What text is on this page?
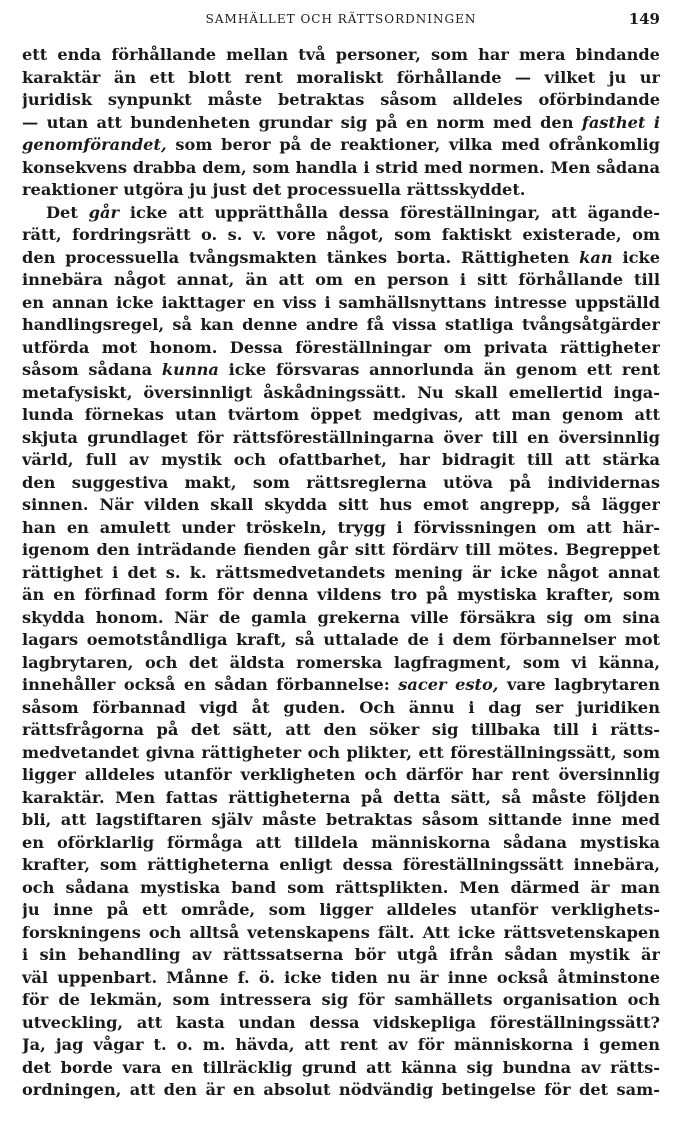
SAMHÄLLET OCH RÄTTSORDNINGEN	149
ett enda förhållande mellan två personer, som har mera bindande
karaktär än ett blott rent moraliskt förhållande — vilket ju ur
juridisk synpunkt måste betraktas såsom alldeles oförbindande
— utan att bundenheten grundar sig på en norm med den fasthet i
genomförandet, som beror på de reaktioner, vilka med ofrånkomlig
konsekvens drabba dem, som handla i strid med normen. Men sådana
reaktioner utgöra ju just det processuella rättsskyddet.
Det går icke att upprätthålla dessa föreställningar, att ägande-
rätt, fordringsrätt o. s. v. vore något, som faktiskt existerade, om
den processuella tvångsmakten tänkes borta. Rättigheten kan icke
innebära något annat, än att om en person i sitt förhållande till
en annan icke iakttager en viss i samhällsnyttans intresse uppställd
handlingsregel, så kan denne andre få vissa statliga tvångsåtgärder
utförda mot honom. Dessa föreställningar om privata rättigheter
såsom sådana kunna icke försvaras annorlunda än genom ett rent
metafysiskt, översinnligt åskådningssätt. Nu skall emellertid inga-
lunda förnekas utan tvärtom öppet medgivas, att man genom att
skjuta grundlaget för rättsföreställningarna över till en översinnlig
värld, full av mystik och ofattbarhet, har bidragit till att stärka
den suggestiva makt, som rättsreglerna utöva på individernas
sinnen. När vilden skall skydda sitt hus emot angrepp, så lägger
han en amulett under tröskeln, trygg i förvissningen om att här-
igenom den inträdande fienden går sitt fördärv till mötes. Begreppet
rättighet i det s. k. rättsmedvetandets mening är icke något annat
än en förfinad form för denna vildens tro på mystiska krafter, som
skydda honom. När de gamla grekerna ville försäkra sig om sina
lagars oemotståndliga kraft, så uttalade de i dem förbannelser mot
lagbrytaren, och det äldsta romerska lagfragment, som vi känna,
innehåller också en sådan förbannelse: sacer esto, vare lagbrytaren
såsom förbannad vigd åt guden. Och ännu i dag ser juridiken
rättsfrågorna på det sätt, att den söker sig tillbaka till i rätts-
medvetandet givna rättigheter och plikter, ett föreställningssätt, som
ligger alldeles utanför verkligheten och därför har rent översinnlig
karaktär. Men fattas rättigheterna på detta sätt, så måste följden
bli, att lagstiftaren själv måste betraktas såsom sittande inne med
en oförklarlig förmåga att tilldela människorna sådana mystiska
krafter, som rättigheterna enligt dessa föreställningssätt innebära,
och sådana mystiska band som rättsplikten. Men därmed är man
ju inne på ett område, som ligger alldeles utanför verklighets-
forskningens och alltså vetenskapens fält. Att icke rättsvetenskapen
i sin behandling av rättssatserna bör utgå ifrån sådan mystik är
väl uppenbart. Månne f. ö. icke tiden nu är inne också åtminstone
för de lekmän, som intressera sig för samhällets organisation och
utveckling, att kasta undan dessa vidskepliga föreställningssätt?
Ja, jag vågar t. o. m. hävda, att rent av för människorna i gemen
det borde vara en tillräcklig grund att känna sig bundna av rätts-
ordningen, att den är en absolut nödvändig betingelse för det sam-
